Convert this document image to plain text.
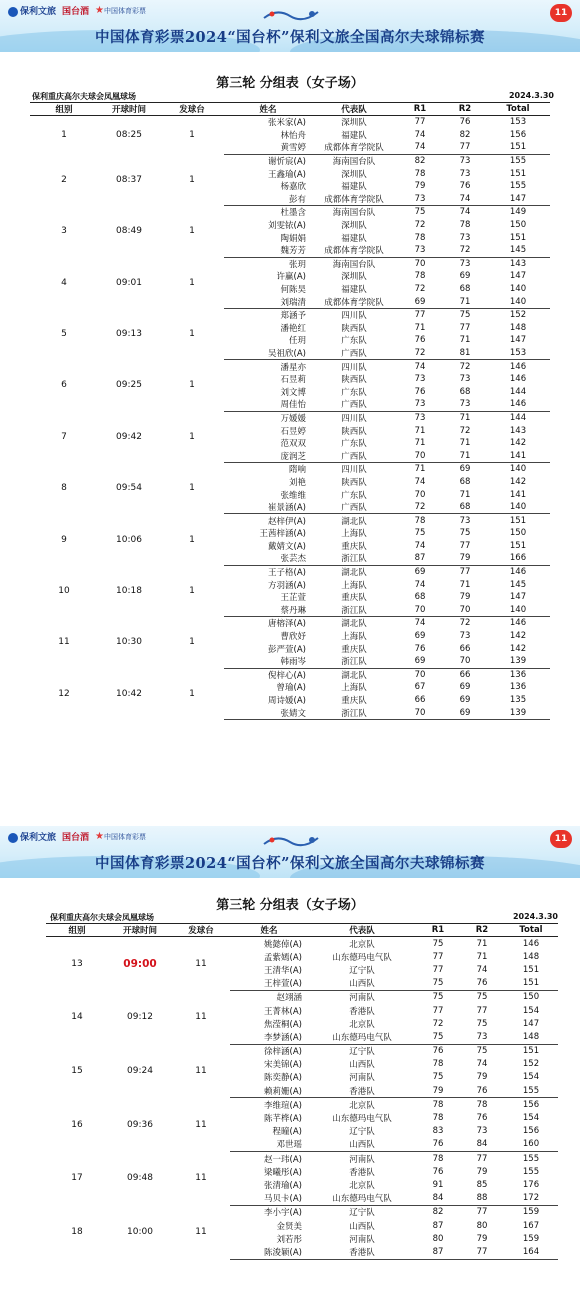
保利文旅 国台酒 ★中国体育彩票	11
中国体育彩票2024“国台杯”保利文旅全国高尔夫球锦标赛
第三轮 分组表（女子场）
保利重庆高尔夫球会凤凰球场	2024.3.30
组别	开球时间	发球台	姓名	代表队	R1	R2	Total
1	08:25	1	张米家(A)	深圳队	77	76	153
			林怡舟	福建队	74	82	156
			黄雪婷	成都体育学院队	74	77	151
2	08:37	1	谢忻宸(A)	海南国台队	82	73	155
			王鑫瑜(A)	深圳队	78	73	151
			杨嘉欣	福建队	79	76	155
			彭有	成都体育学院队	73	74	147
3	08:49	1	杜墨含	海南国台队	75	74	149
			刘雯铱(A)	深圳队	72	78	150
			陶娟娟	福建队	78	73	151
			魏芳芳	成都体育学院队	73	72	145
4	09:01	1	张玥	海南国台队	70	73	143
			许赢(A)	深圳队	78	69	147
			何陈昊	福建队	72	68	140
			刘瑞清	成都体育学院队	69	71	140
5	09:13	1	郑涵予	四川队	77	75	152
			潘艳红	陕西队	71	77	148
			任玥	广东队	76	71	147
			吴祖欣(A)	广西队	72	81	153
6	09:25	1	潘星亦	四川队	74	72	146
			石昱莉	陕西队	73	73	146
			刘文博	广东队	76	68	144
			周佳怡	广西队	73	73	146
7	09:42	1	万媛媛	四川队	73	71	144
			石昱婷	陕西队	71	72	143
			范双双	广东队	71	71	142
			庞润芝	广西队	70	71	141
8	09:54	1	隋响	四川队	71	69	140
			刘艳	陕西队	74	68	142
			张维维	广东队	70	71	141
			崔景涵(A)	广西队	72	68	140
9	10:06	1	赵梓伊(A)	湖北队	78	73	151
			王茜梓涵(A)	上海队	75	75	150
			戴婧文(A)	重庆队	74	77	151
			张芸杰	浙江队	87	79	166
10	10:18	1	王子格(A)	湖北队	69	77	146
			方羽涵(A)	上海队	74	71	145
			王芷萱	重庆队	68	79	147
			蔡丹琳	浙江队	70	70	140
11	10:30	1	唐榕泽(A)	湖北队	74	72	146
			曹欣妤	上海队	69	73	142
			彭严萱(A)	重庆队	76	66	142
			韩雨岑	浙江队	69	70	139
12	10:42	1	倪梓心(A)	湖北队	70	66	136
			曾瑜(A)	上海队	67	69	136
			周诗媛(A)	重庆队	66	69	135
			张婧文	浙江队	70	69	139
保利文旅 国台酒 ★中国体育彩票	11
中国体育彩票2024“国台杯”保利文旅全国高尔夫球锦标赛
第三轮 分组表（女子场）
保利重庆高尔夫球会凤凰球场	2024.3.30
组别	开球时间	发球台	姓名	代表队	R1	R2	Total
13	09:00	11	姚懿倬(A)	北京队	75	71	146
			孟紫嫣(A)	山东德玛电气队	77	71	148
			王清华(A)	辽宁队	77	74	151
			王梓萱(A)	山西队	75	76	151
14	09:12	11	赵翊涵	河南队	75	75	150
			王菁林(A)	香港队	77	77	154
			焦滢桐(A)	北京队	72	75	147
			李梦涵(A)	山东德玛电气队	75	73	148
15	09:24	11	徐梓涵(A)	辽宁队	76	75	151
			宋美锦(A)	山西队	78	74	152
			陈奕静(A)	河南队	75	79	154
			赖莉姗(A)	香港队	79	76	155
16	09:36	11	李维瑄(A)	北京队	78	78	156
			陈芊桦(A)	山东德玛电气队	78	76	154
			程曈(A)	辽宁队	83	73	156
			邓世瑶	山西队	76	84	160
17	09:48	11	赵一玮(A)	河南队	78	77	155
			梁曦彤(A)	香港队	76	79	155
			张清瑜(A)	北京队	91	85	176
			马贝卡(A)	山东德玛电气队	84	88	172
18	10:00	11	李小宇(A)	辽宁队	82	77	159
			金贤美	山西队	87	80	167
			刘若彤	河南队	80	79	159
			陈浚颖(A)	香港队	87	77	164
